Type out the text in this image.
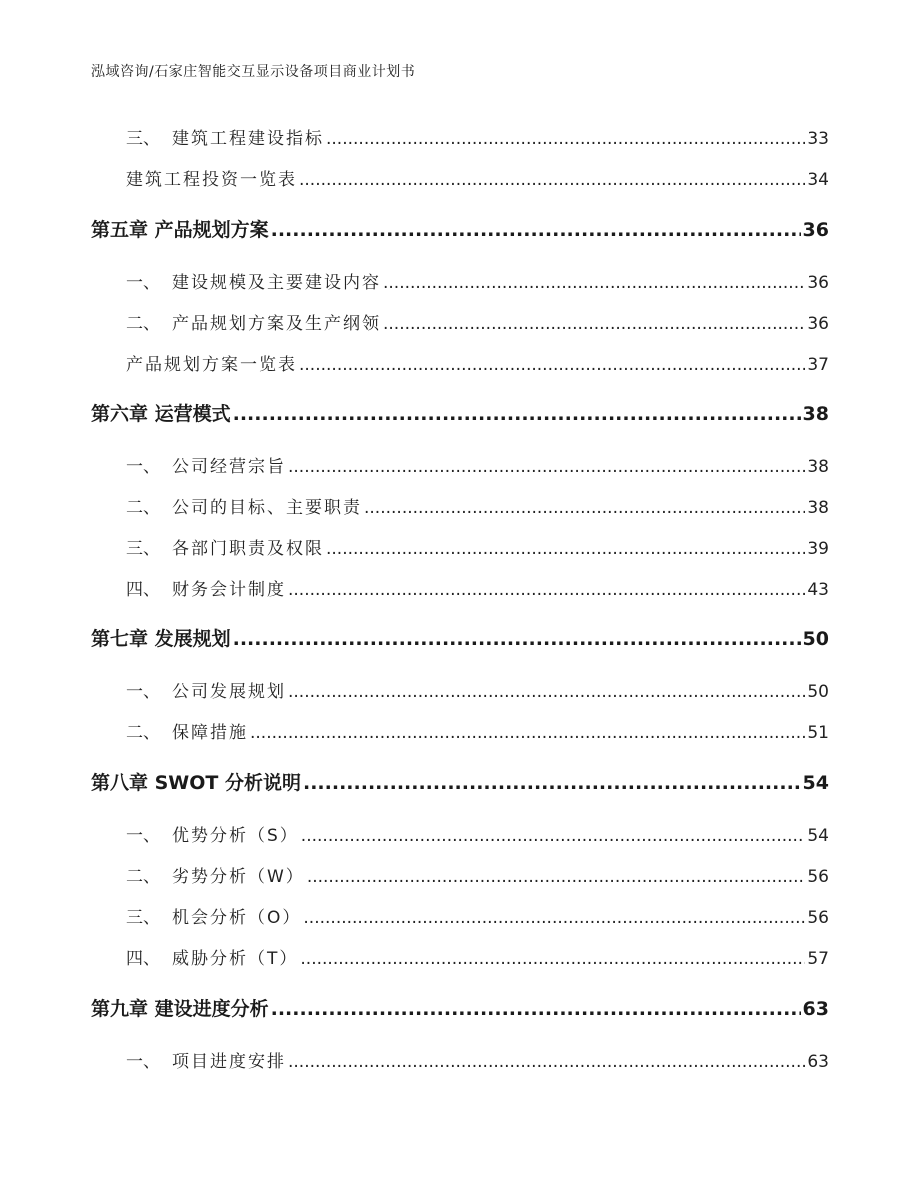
泓域咨询/石家庄智能交互显示设备项目商业计划书
三、 建筑工程建设指标 .....	33
建筑工程投资一览表 .....	34
第五章 产品规划方案 .....	36
一、 建设规模及主要建设内容 .....	36
二、 产品规划方案及生产纲领 .....	36
产品规划方案一览表 .....	37
第六章 运营模式 .....	38
一、 公司经营宗旨 .....	38
二、 公司的目标、主要职责 .....	38
三、 各部门职责及权限 .....	39
四、 财务会计制度 .....	43
第七章 发展规划 .....	50
一、 公司发展规划 .....	50
二、 保障措施 .....	51
第八章 SWOT 分析说明 .....	54
一、 优势分析（S） .....	54
二、 劣势分析（W） .....	56
三、 机会分析（O） .....	56
四、 威胁分析（T） .....	57
第九章 建设进度分析 .....	63
一、 项目进度安排 .....	63
